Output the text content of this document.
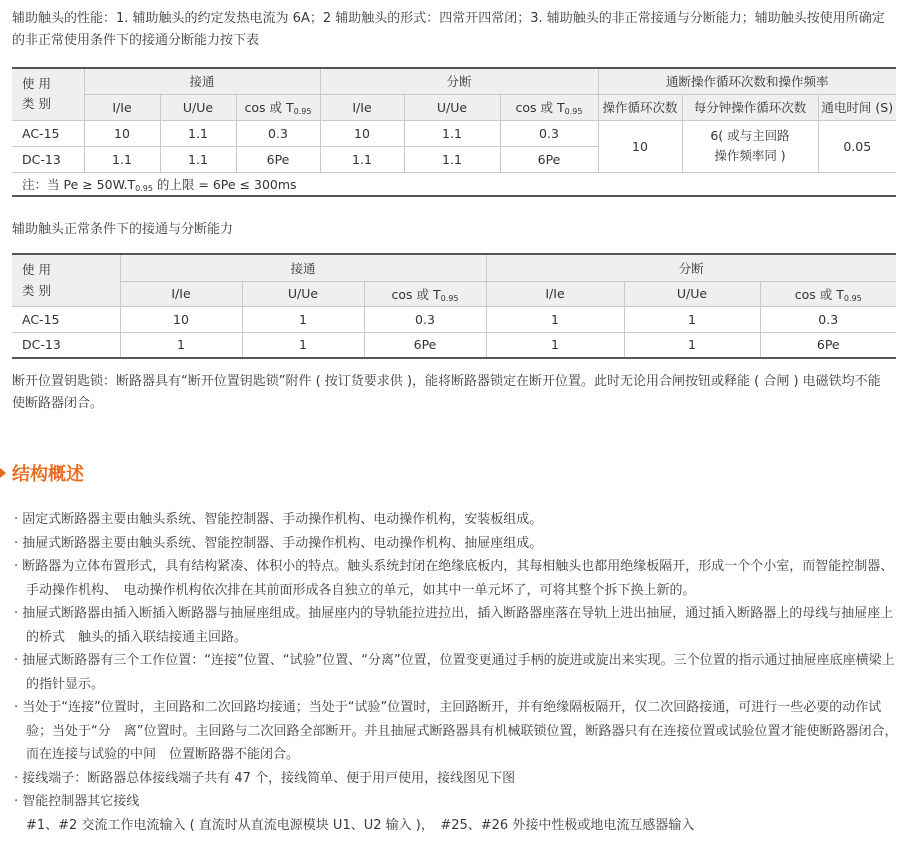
辅助触头的性能：1. 辅助触头的约定发热电流为 6A；2 辅助触头的形式：四常开四常闭；3. 辅助触头的非正常接通与分断能力；辅助触头按使用所确定的非正常使用条件下的接通分断能力按下表
使 用
类 别	接通			分断			通断操作循环次数和操作频率		
	I/Ie	U/Ue	cos 或 $T_{0.95}$	I/Ie	U/Ue	cos 或 $T_{0.95}$	操作循环次数	每分钟操作循环次数	通电时间 (S)
AC-15	10	1.1	0.3	10	1.1	0.3	10	6( 或与主回路
操作频率同 )	0.05
DC-13	1.1	1.1	6Pe	1.1	1.1	6Pe			
注：当 $Pe \ge 50W.T_{0.95}$ 的上限 = 6Pe ≤ 300ms									
辅助触头正常条件下的接通与分断能力
使 用
类 别	接通			分断		
	I/Ie	U/Ue	cos 或 $T_{0.95}$	I/Ie	U/Ue	cos 或 $T_{0.95}$
AC-15	10	1	0.3	1	1	0.3
DC-13	1	1	6Pe	1	1	6Pe
断开位置钥匙锁：断路器具有“断开位置钥匙锁”附件 ( 按订货要求供 )，能将断路器锁定在断开位置。此时无论用合闸按钮或释能 ( 合闸 ) 电磁铁均不能使断路器闭合。
结构概述
· 固定式断路器主要由触头系统、智能控制器、手动操作机构、电动操作机构，安装板组成。
· 抽屉式断路器主要由触头系统、智能控制器、手动操作机构、电动操作机构、抽屉座组成。
· 断路器为立体布置形式，具有结构紧凑、体积小的特点。触头系统封闭在绝缘底板内，其每相触头也都用绝缘板隔开，形成一个个小室，而智能控制器、手动操作机构、　电动操作机构依次排在其前面形成各自独立的单元，如其中一单元坏了，可将其整个拆下换上新的。
· 抽屉式断路器由插入断插入断路器与抽屉座组成。抽屉座内的导轨能拉进拉出，插入断路器座落在导轨上进出抽屉，通过插入断路器上的母线与抽屉座上的桥式　触头的插入联结接通主回路。
· 抽屉式断路器有三个工作位置：“连接”位置、“试验”位置、“分离”位置，位置变更通过手柄的旋进或旋出来实现。三个位置的指示通过抽屉座底座横梁上的指针显示。
· 当处于“连接”位置时，主回路和二次回路均接通；当处于“试验”位置时，主回路断开，并有绝缘隔板隔开，仅二次回路接通，可进行一些必要的动作试验；当处于“分　离”位置时。主回路与二次回路全部断开。并且抽屉式断路器具有机械联锁位置，断路器只有在连接位置或试验位置才能使断路器闭合，而在连接与试验的中间　位置断路器不能闭合。
· 接线端子：断路器总体接线端子共有 47 个，接线简单、便于用戸使用，接线图见下图
· 智能控制器其它接线
#1、#2 交流工作电流输入 ( 直流时从直流电源模块 U1、U2 输入 )，　#25、#26 外接中性极或地电流互感器输入
